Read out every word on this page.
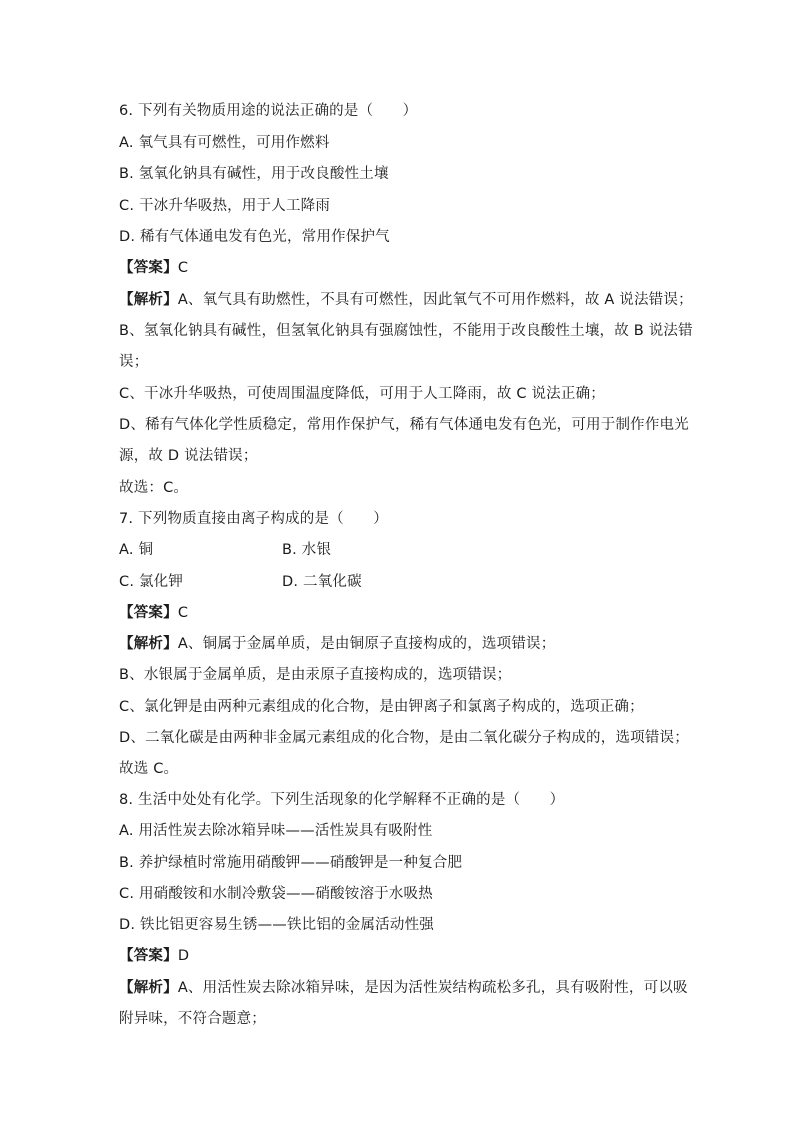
6. 下列有关物质用途的说法正确的是（　　）
A. 氧气具有可燃性，可用作燃料
B. 氢氧化钠具有碱性，用于改良酸性土壤
C. 干冰升华吸热，用于人工降雨
D. 稀有气体通电发有色光，常用作保护气
【答案】C
【解析】A、氧气具有助燃性，不具有可燃性，因此氧气不可用作燃料，故 A 说法错误；
B、氢氧化钠具有碱性，但氢氧化钠具有强腐蚀性，不能用于改良酸性土壤，故 B 说法错
误；
C、干冰升华吸热，可使周围温度降低，可用于人工降雨，故 C 说法正确；
D、稀有气体化学性质稳定，常用作保护气，稀有气体通电发有色光，可用于制作作电光
源，故 D 说法错误；
故选：C。
7. 下列物质直接由离子构成的是（　　）
A. 铜	B. 水银
C. 氯化钾	D. 二氧化碳
【答案】C
【解析】A、铜属于金属单质，是由铜原子直接构成的，选项错误；
B、水银属于金属单质，是由汞原子直接构成的，选项错误；
C、氯化钾是由两种元素组成的化合物，是由钾离子和氯离子构成的，选项正确；
D、二氧化碳是由两种非金属元素组成的化合物，是由二氧化碳分子构成的，选项错误；
故选 C。
8. 生活中处处有化学。下列生活现象的化学解释不正确的是（　　）
A. 用活性炭去除冰箱异味——活性炭具有吸附性
B. 养护绿植时常施用硝酸钾——硝酸钾是一种复合肥
C. 用硝酸铵和水制冷敷袋——硝酸铵溶于水吸热
D. 铁比铝更容易生锈——铁比铝的金属活动性强
【答案】D
【解析】A、用活性炭去除冰箱异味，是因为活性炭结构疏松多孔，具有吸附性，可以吸
附异味，不符合题意；
